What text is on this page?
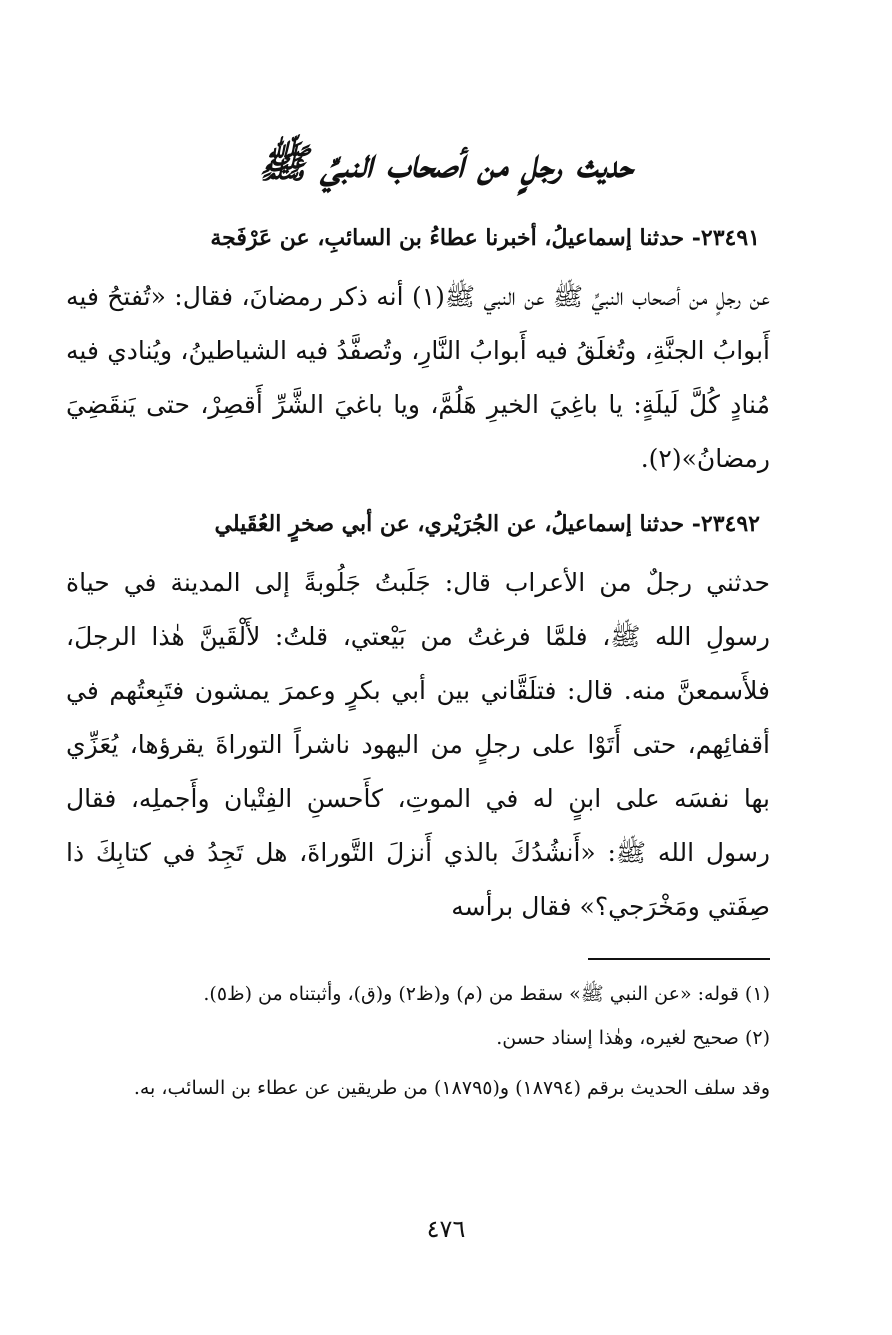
حديث رجلٍ من أصحاب النبيِّ ﷺ
٢٣٤٩١- حدثنا إسماعيلُ، أخبرنا عطاءُ بن السائبِ، عن عَرْفَجة
عن رجلٍ من أصحاب النبيِّ ﷺ عن النبي ﷺ(١) أنه ذكر رمضانَ، فقال: «تُفتحُ فيه أَبوابُ الجنَّةِ، وتُغلَقُ فيه أَبوابُ النَّارِ، وتُصفَّدُ فيه الشياطينُ، ويُنادي فيه مُنادٍ كُلَّ لَيلَةٍ: يا باغِيَ الخيرِ هَلُمَّ، ويا باغيَ الشَّرِّ أَقصِرْ، حتى يَنقَضِيَ رمضانُ»(٢).
٢٣٤٩٢- حدثنا إسماعيلُ، عن الجُرَيْري، عن أبي صخرٍ العُقَيلي
حدثني رجلٌ من الأعراب قال: جَلَبتُ جَلُوبةً إلى المدينة في حياة رسولِ الله ﷺ، فلمَّا فرغتُ من بَيْعتي، قلتُ: لأَلْقَينَّ هٰذا الرجلَ، فلأَسمعنَّ منه. قال: فتلَقَّاني بين أبي بكرٍ وعمرَ يمشون فتَبِعتُهم في أقفائِهم، حتى أَتَوْا على رجلٍ من اليهود ناشراً التوراةَ يقرؤها، يُعَزِّي بها نفسَه على ابنٍ له في الموتِ، كأَحسنِ الفِتْيان وأَجملِه، فقال رسول الله ﷺ: «أَنشُدُكَ بالذي أَنزلَ التَّوراةَ، هل تَجِدُ في كتابِكَ ذا صِفَتي ومَخْرَجي؟» فقال برأسه
(١) قوله: «عن النبي ﷺ» سقط من (م) و(ظ٢) و(ق)، وأثبتناه من (ظ٥).
(٢) صحيح لغيره، وهٰذا إسناد حسن.
وقد سلف الحديث برقم (١٨٧٩٤) و(١٨٧٩٥) من طريقين عن عطاء بن السائب، به.
٤٧٦
